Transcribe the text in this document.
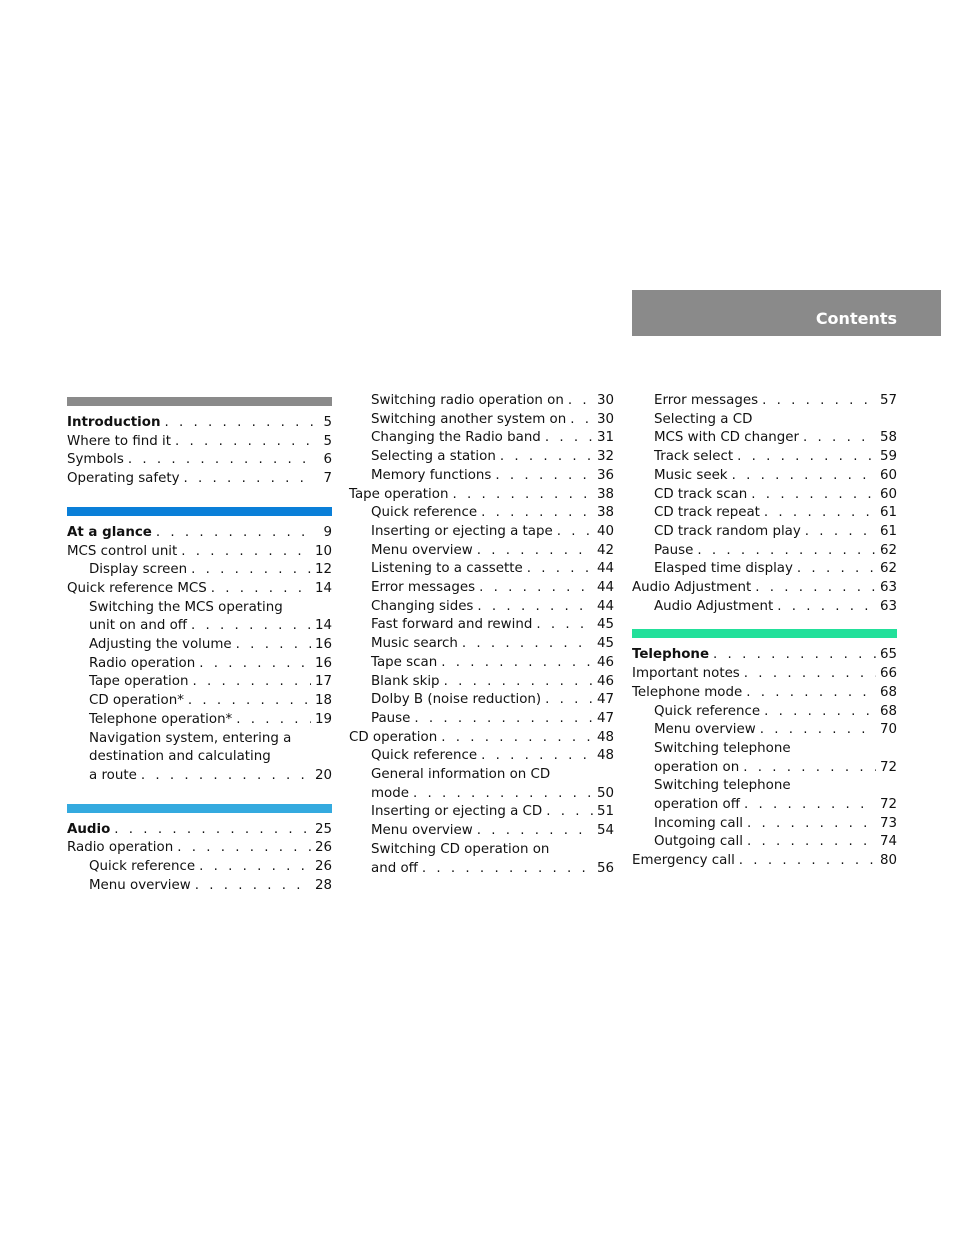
Contents
Introduction . . .	5
Where to find it . . .	5
Symbols . . .	6
Operating safety . . .	7
At a glance . . .	9
MCS control unit . . .	10
Display screen . . .	12
Quick reference MCS . . .	14
Switching the MCS operating
unit on and off . . .	14
Adjusting the volume . . .	16
Radio operation . . .	16
Tape operation . . .	17
CD operation* . . .	18
Telephone operation* . . .	19
Navigation system, entering a
destination and calculating
a route . . .	20
Audio . . .	25
Radio operation . . .	26
Quick reference . . .	26
Menu overview . . .	28
Switching radio operation on . . . 30
Switching another system on . . . 30
Changing the Radio band . . .	31
Selecting a station . . .	32
Memory functions . . .	36
Tape operation . . .	38
Quick reference . . .	38
Inserting or ejecting a tape . . .	40
Menu overview . . .	42
Listening to a cassette . . .	44
Error messages . . .	44
Changing sides . . .	44
Fast forward and rewind . . .	45
Music search . . .	45
Tape scan . . .	46
Blank skip . . .	46
Dolby B (noise reduction) . . .	47
Pause . . .	47
CD operation . . .	48
Quick reference . . .	48
General information on CD
mode . . .	50
Inserting or ejecting a CD . . .	51
Menu overview . . .	54
Switching CD operation on
and off . . .	56
Error messages . . .	57
Selecting a CD
MCS with CD changer . . .	58
Track select . . .	59
Music seek . . .	60
CD track scan . . .	60
CD track repeat . . .	61
CD track random play . . .	61
Pause . . .	62
Elasped time display . . .	62
Audio Adjustment . . .	63
Audio Adjustment . . .	63
Telephone . . .	65
Important notes . . .	66
Telephone mode . . .	68
Quick reference . . .	68
Menu overview . . .	70
Switching telephone
operation on . . .	72
Switching telephone
operation off . . .	72
Incoming call . . .	73
Outgoing call . . .	74
Emergency call . . .	80
